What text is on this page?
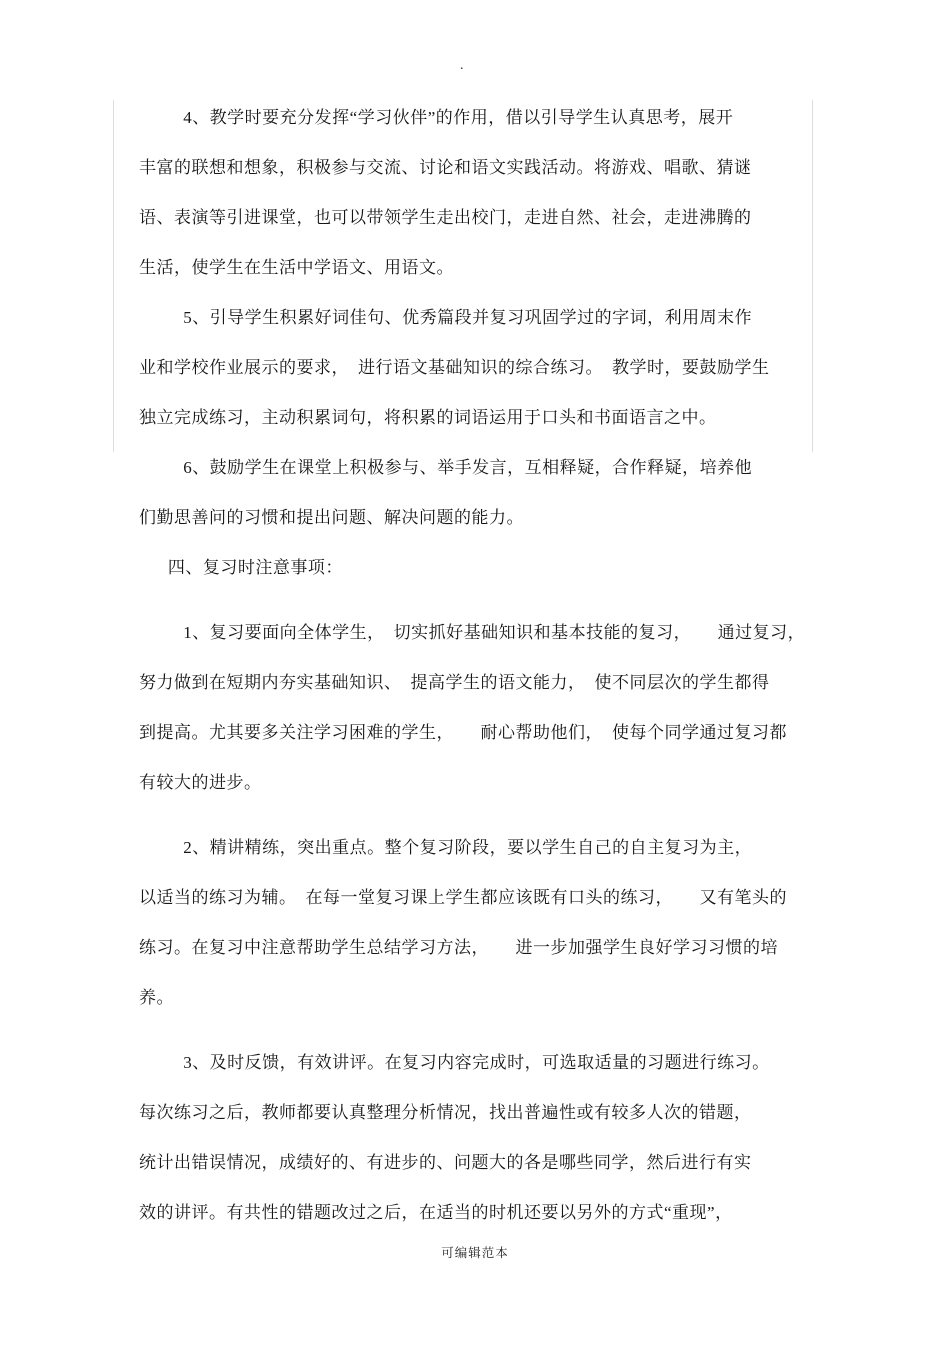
.

4、教学时要充分发挥“学习伙伴”的作用，借以引导学生认真思考，展开
丰富的联想和想象，积极参与交流、讨论和语文实践活动。将游戏、唱歌、猜谜
语、表演等引进课堂，也可以带领学生走出校门，走进自然、社会，走进沸腾的
生活，使学生在生活中学语文、用语文。

5、引导学生积累好词佳句、优秀篇段并复习巩固学过的字词，利用周末作
业和学校作业展示的要求，　进行语文基础知识的综合练习。　教学时，要鼓励学生
独立完成练习，主动积累词句，将积累的词语运用于口头和书面语言之中。

6、鼓励学生在课堂上积极参与、举手发言，互相释疑，合作释疑，培养他
们勤思善问的习惯和提出问题、解决问题的能力。

四、复习时注意事项：

1、复习要面向全体学生，　切实抓好基础知识和基本技能的复习，　　通过复习，
努力做到在短期内夯实基础知识、　提高学生的语文能力，　使不同层次的学生都得
到提高。尤其要多关注学习困难的学生，　　耐心帮助他们，　使每个同学通过复习都
有较大的进步。

2、精讲精练，突出重点。整个复习阶段，要以学生自己的自主复习为主，
以适当的练习为辅。　在每一堂复习课上学生都应该既有口头的练习，　　又有笔头的
练习。在复习中注意帮助学生总结学习方法，　　进一步加强学生良好学习习惯的培
养。

3、及时反馈，有效讲评。在复习内容完成时，可选取适量的习题进行练习。
每次练习之后，教师都要认真整理分析情况，找出普遍性或有较多人次的错题，
统计出错误情况，成绩好的、有进步的、问题大的各是哪些同学，然后进行有实
效的讲评。有共性的错题改过之后，在适当的时机还要以另外的方式“重现”，

可编辑范本
